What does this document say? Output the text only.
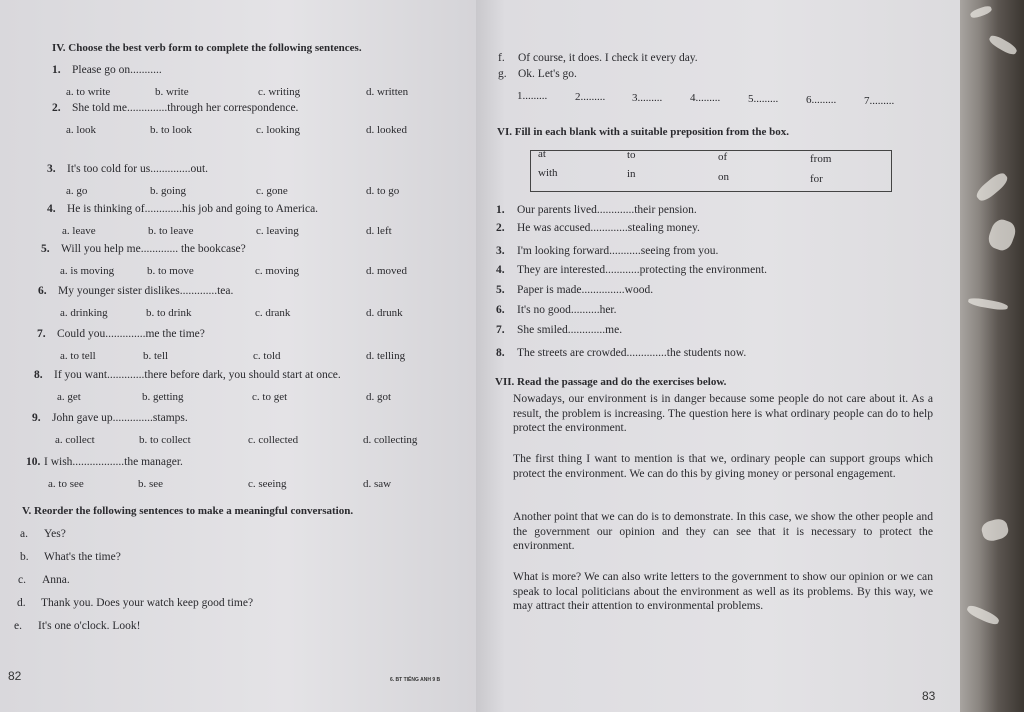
IV. Choose the best verb form to complete the following sentences.
1. Please go on...........
a. to write	b. write	c. writing	d. written
2. She told me..............through her correspondence.
a. look	b. to look	c. looking	d. looked
3. It's too cold for us..............out.
a. go	b. going	c. gone	d. to go
4. He is thinking of.............his job and going to America.
a. leave	b. to leave	c. leaving	d. left
5. Will you help me............. the bookcase?
a. is moving	b. to move	c. moving	d. moved
6. My younger sister dislikes.............tea.
a. drinking	b. to drink	c. drank	d. drunk
7. Could you..............me the time?
a. to tell	b. tell	c. told	d. telling
8. If you want.............there before dark, you should start at once.
a. get	b. getting	c. to get	d. got
9. John gave up..............stamps.
a. collect	b. to collect	c. collected	d. collecting
10. I wish..................the manager.
a. to see	b. see	c. seeing	d. saw
V. Reorder the following sentences to make a meaningful conversation.
a. Yes?
b. What's the time?
c. Anna.
d. Thank you. Does your watch keep good time?
e. It's one o'clock. Look!
82	6. BT TIẾNG ANH 9 B
f. Of course, it does. I check it every day.
g. Ok. Let's go.
1.........	2......... 3.........	4.........	5.........	6.........	7.........
VI. Fill in each blank with a suitable preposition from the box.
at	to	of	from
with	in	on	for
1. Our parents lived.............their pension.
2. He was accused.............stealing money.
3. I'm looking forward...........seeing from you.
4. They are interested............protecting the environment.
5. Paper is made...............wood.
6. It's no good..........her.
7. She smiled.............me.
8. The streets are crowded..............the students now.
VII. Read the passage and do the exercises below.

Nowadays, our environment is in danger because some people do not care about it. As a result, the problem is increasing. The question here is what ordinary people can do to help protect the environment.

The first thing I want to mention is that we, ordinary people can support groups which protect the environment. We can do this by giving money or personal engagement.

Another point that we can do is to demonstrate. In this case, we show the other people and the government our opinion and they can see that it is necessary to protect the environment.

What is more? We can also write letters to the government to show our opinion or we can speak to local politicians about the environment as well as its problems. By this way, we may attract their attention to environmental problems.

83
